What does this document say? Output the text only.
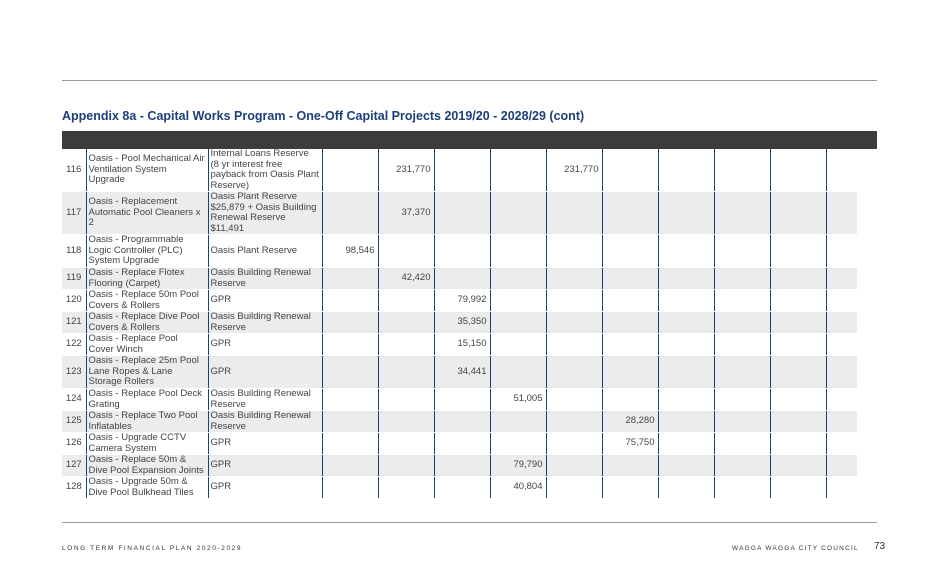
Appendix 8a - Capital Works Program - One-Off Capital Projects 2019/20 - 2028/29 (cont)
116	Oasis - Pool Mechanical Air Ventilation System Upgrade	Internal Loans Reserve (8 yr interest free payback from Oasis Plant Reserve)		231,770			231,770					
117	Oasis - Replacement Automatic Pool Cleaners x 2	Oasis Plant Reserve $25,879 + Oasis Building Renewal Reserve $11,491		37,370								
118	Oasis - Programmable Logic Controller (PLC) System Upgrade	Oasis Plant Reserve	98,546									
119	Oasis - Replace Flotex Flooring (Carpet)	Oasis Building Renewal Reserve		42,420								
120	Oasis - Replace 50m Pool Covers & Rollers	GPR			79,992							
121	Oasis - Replace Dive Pool Covers & Rollers	Oasis Building Renewal Reserve			35,350							
122	Oasis - Replace Pool Cover Winch	GPR			15,150							
123	Oasis - Replace 25m Pool Lane Ropes & Lane Storage Rollers	GPR			34,441							
124	Oasis - Replace Pool Deck Grating	Oasis Building Renewal Reserve				51,005						
125	Oasis - Replace Two Pool Inflatables	Oasis Building Renewal Reserve						28,280				
126	Oasis - Upgrade CCTV Camera System	GPR						75,750				
127	Oasis - Replace 50m & Dive Pool Expansion Joints	GPR				79,790						
128	Oasis - Upgrade 50m & Dive Pool Bulkhead Tiles	GPR				40,804						
LONG TERM FINANCIAL PLAN 2020-2029	WAGGA WAGGA CITY COUNCIL 73
